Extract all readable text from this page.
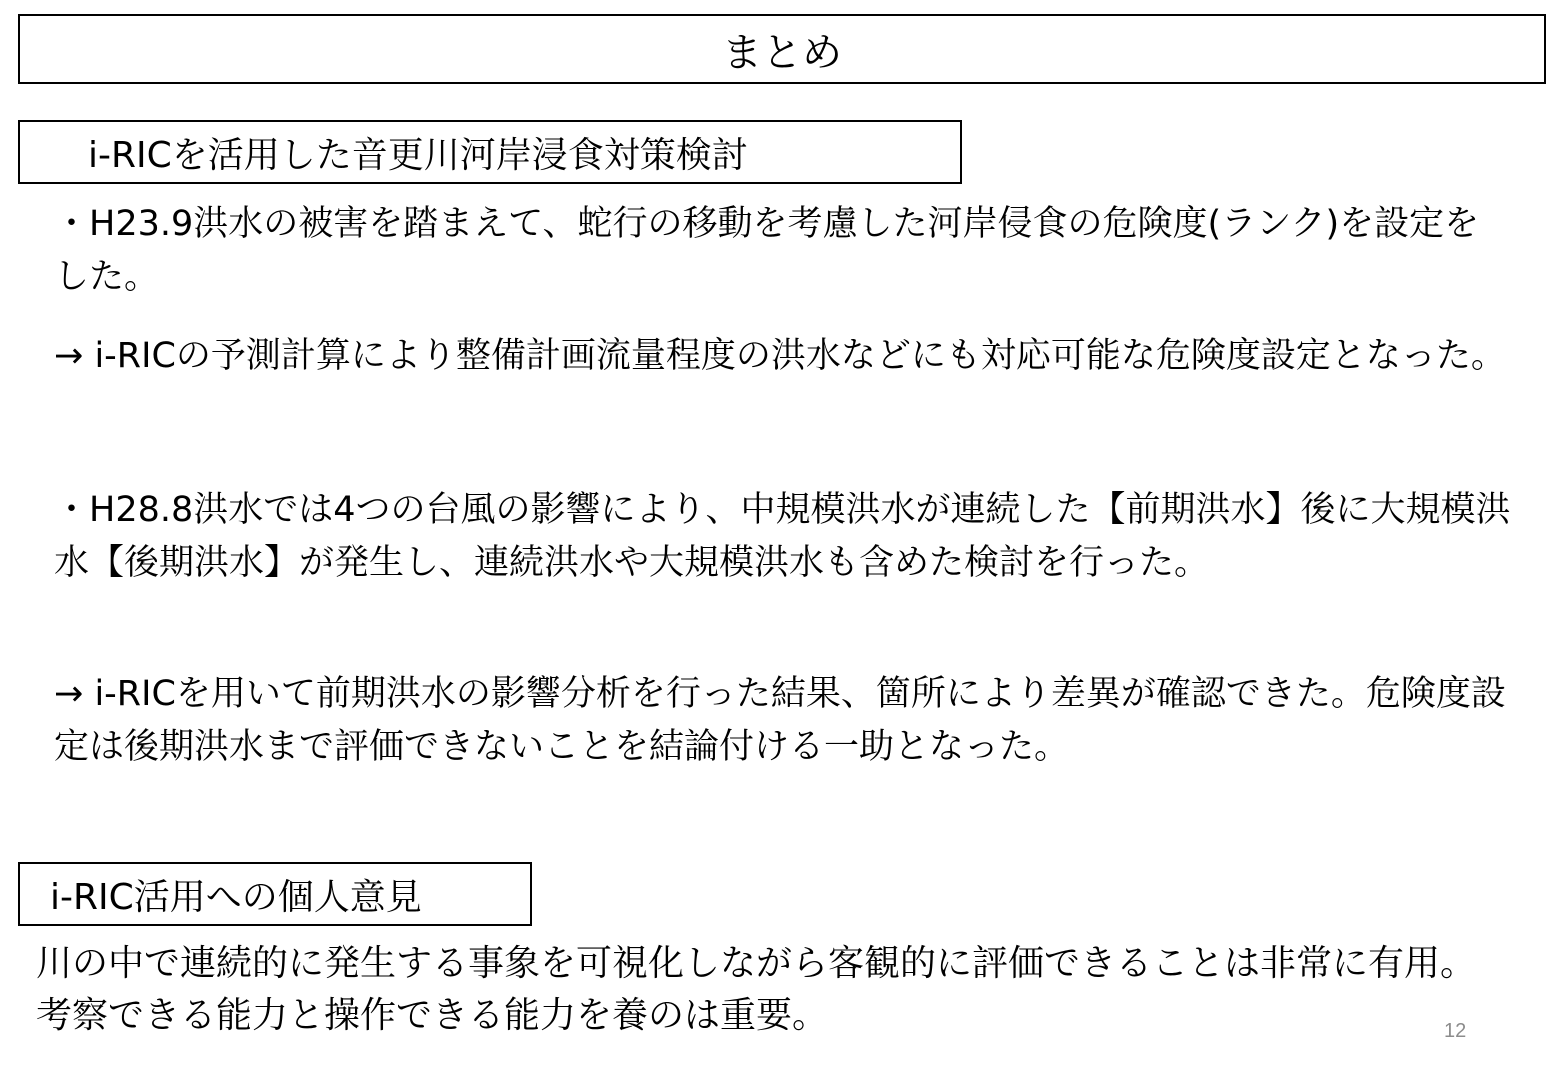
まとめ
i-RICを活用した音更川河岸浸食対策検討

・H23.9洪水の被害を踏まえて、蛇行の移動を考慮した河岸侵食の危険度(ランク)を設定をした。

→ i-RICの予測計算により整備計画流量程度の洪水などにも対応可能な危険度設定となった。

・H28.8洪水では4つの台風の影響により、中規模洪水が連続した【前期洪水】後に大規模洪水【後期洪水】が発生し、連続洪水や大規模洪水も含めた検討を行った。

→ i-RICを用いて前期洪水の影響分析を行った結果、箇所により差異が確認できた。危険度設定は後期洪水まで評価できないことを結論付ける一助となった。

i-RIC活用への個人意見

川の中で連続的に発生する事象を可視化しながら客観的に評価できることは非常に有用。考察できる能力と操作できる能力を養のは重要。	12
